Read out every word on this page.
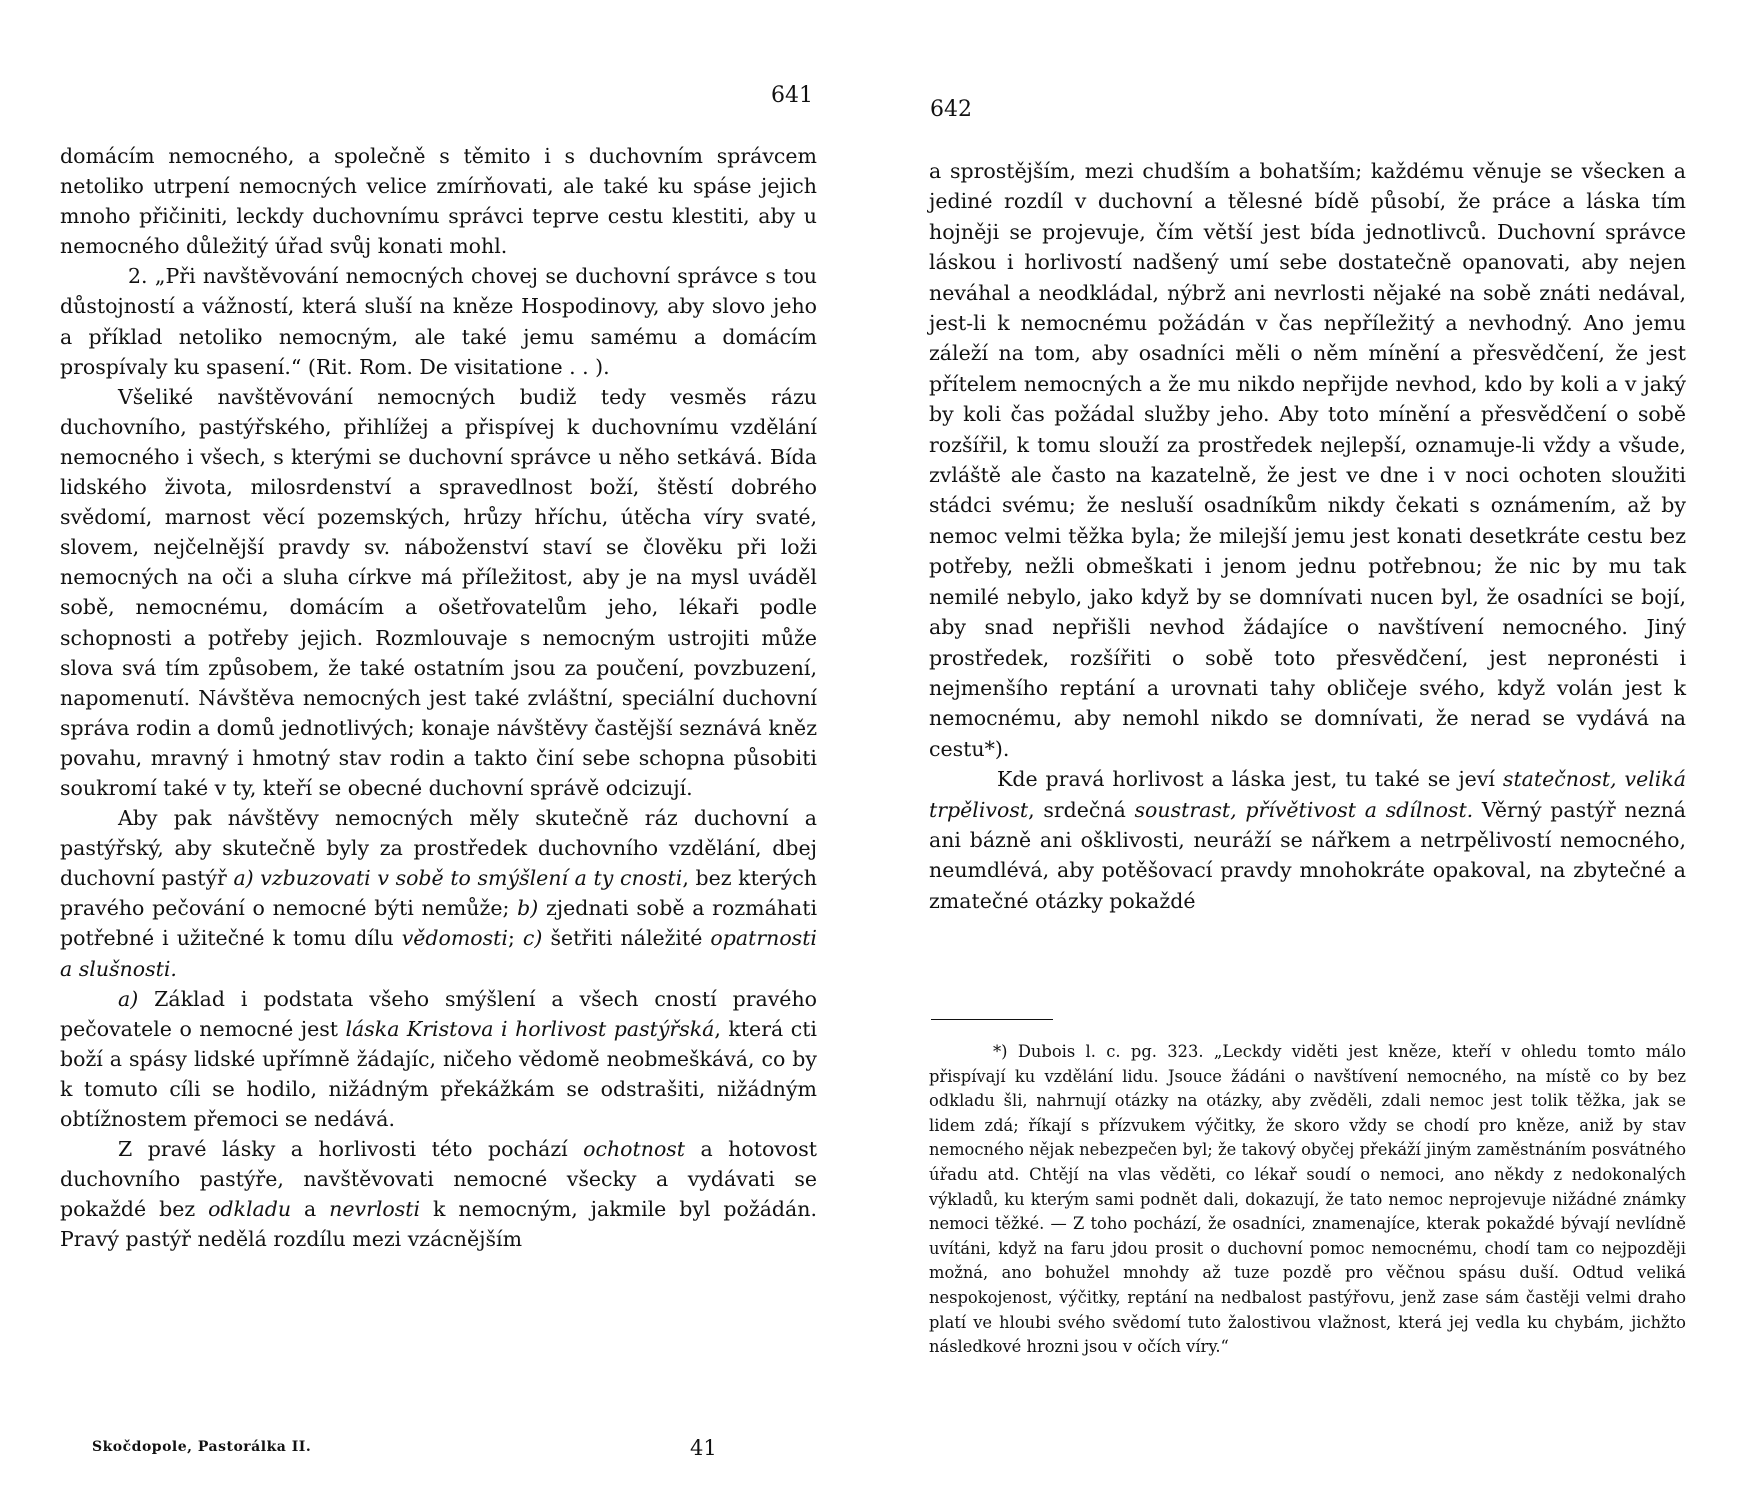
641

domácím nemocného, a společně s těmito i s duchovním správcem netoliko utrpení nemocných velice zmírňovati, ale také ku spáse jejich mnoho přičiniti, leckdy duchovnímu správci teprve cestu klestiti, aby u nemocného důležitý úřad svůj konati mohl.

2. „Při navštěvování nemocných chovej se duchovní správce s tou důstojností a vážností, která sluší na kněze Hospodinovy, aby slovo jeho a příklad netoliko nemocným, ale také jemu samému a domácím prospívaly ku spasení.“ (Rit. Rom. De visitatione . . ).

Všeliké navštěvování nemocných budiž tedy vesměs rázu duchovního, pastýřského, přihlížej a přispívej k duchovnímu vzdělání nemocného i všech, s kterými se duchovní správce u něho setkává. Bída lidského života, milosrdenství a spravedlnost boží, štěstí dobrého svědomí, marnost věcí pozemských, hrůzy hříchu, útěcha víry svaté, slovem, nejčelnější pravdy sv. náboženství staví se člověku při loži nemocných na oči a sluha církve má příležitost, aby je na mysl uváděl sobě, nemocnému, domácím a ošetřovatelům jeho, lékaři podle schopnosti a potřeby jejich. Rozmlouvaje s nemocným ustrojiti může slova svá tím způsobem, že také ostatním jsou za poučení, povzbuzení, napomenutí. Návštěva nemocných jest také zvláštní, speciální duchovní správa rodin a domů jednotlivých; konaje návštěvy častější seznává kněz povahu, mravný i hmotný stav rodin a takto činí sebe schopna působiti soukromí také v ty, kteří se obecné duchovní správě odcizují.

Aby pak návštěvy nemocných měly skutečně ráz duchovní a pastýřský, aby skutečně byly za prostředek duchovního vzdělání, dbej duchovní pastýř a) vzbuzovati v sobě to smýšlení a ty cnosti, bez kterých pravého pečování o nemocné býti nemůže; b) zjednati sobě a rozmáhati potřebné i užitečné k tomu dílu vědomosti; c) šetřiti náležité opatrnosti a slušnosti.

a) Základ i podstata všeho smýšlení a všech cností pravého pečovatele o nemocné jest láska Kristova i horlivost pastýřská, která cti boží a spásy lidské upřímně žádajíc, ničeho vědomě neobmeškává, co by k tomuto cíli se hodilo, nižádným překážkám se odstrašiti, nižádným obtížnostem přemoci se nedává.

Z pravé lásky a horlivosti této pochází ochotnost a hotovost duchovního pastýře, navštěvovati nemocné všecky a vydávati se pokaždé bez odkladu a nevrlosti k nemocným, jakmile byl požádán. Pravý pastýř nedělá rozdílu mezi vzácnějším

Skočdopole, Pastorálka II.	41
642

a sprostějším, mezi chudším a bohatším; každému věnuje se všecken a jediné rozdíl v duchovní a tělesné bídě působí, že práce a láska tím hojněji se projevuje, čím větší jest bída jednotlivců. Duchovní správce láskou i horlivostí nadšený umí sebe dostatečně opanovati, aby nejen neváhal a neodkládal, nýbrž ani nevrlosti nějaké na sobě znáti nedával, jest-li k nemocnému požádán v čas nepříležitý a nevhodný. Ano jemu záleží na tom, aby osadníci měli o něm mínění a přesvědčení, že jest přítelem nemocných a že mu nikdo nepřijde nevhod, kdo by koli a v jaký by koli čas požádal služby jeho. Aby toto mínění a přesvědčení o sobě rozšířil, k tomu slouží za prostředek nejlepší, oznamuje-li vždy a všude, zvláště ale často na kazatelně, že jest ve dne i v noci ochoten sloužiti stádci svému; že nesluší osadníkům nikdy čekati s oznámením, až by nemoc velmi těžka byla; že milejší jemu jest konati desetkráte cestu bez potřeby, nežli obmeškati i jenom jednu potřebnou; že nic by mu tak nemilé nebylo, jako když by se domnívati nucen byl, že osadníci se bojí, aby snad nepřišli nevhod žádajíce o navštívení nemocného. Jiný prostředek, rozšířiti o sobě toto přesvědčení, jest nepronésti i nejmenšího reptání a urovnati tahy obličeje svého, když volán jest k nemocnému, aby nemohl nikdo se domnívati, že nerad se vydává na cestu*).

Kde pravá horlivost a láska jest, tu také se jeví statečnost, veliká trpělivost, srdečná soustrast, přívětivost a sdílnost. Věrný pastýř nezná ani bázně ani ošklivosti, neuráží se nářkem a netrpělivostí nemocného, neumdlévá, aby potěšovací pravdy mnohokráte opakoval, na zbytečné a zmatečné otázky pokaždé

*) Dubois l. c. pg. 323. „Leckdy viděti jest kněze, kteří v ohledu tomto málo přispívají ku vzdělání lidu. Jsouce žádáni o navštívení nemocného, na místě co by bez odkladu šli, nahrnují otázky na otázky, aby zvěděli, zdali nemoc jest tolik těžka, jak se lidem zdá; říkají s přízvukem výčitky, že skoro vždy se chodí pro kněze, aniž by stav nemocného nějak nebezpečen byl; že takový obyčej překáží jiným zaměstnáním posvátného úřadu atd. Chtějí na vlas věděti, co lékař soudí o nemoci, ano někdy z nedokonalých výkladů, ku kterým sami podnět dali, dokazují, že tato nemoc neprojevuje nižádné známky nemoci těžké. — Z toho pochází, že osadníci, znamenajíce, kterak pokaždé bývají nevlídně uvítáni, když na faru jdou prosit o duchovní pomoc nemocnému, chodí tam co nejpozději možná, ano bohužel mnohdy až tuze pozdě pro věčnou spásu duší. Odtud veliká nespokojenost, výčitky, reptání na nedbalost pastýřovu, jenž zase sám častěji velmi draho platí ve hloubi svého svědomí tuto žalostivou vlažnost, která jej vedla ku chybám, jichžto následkové hrozni jsou v očích víry.“
